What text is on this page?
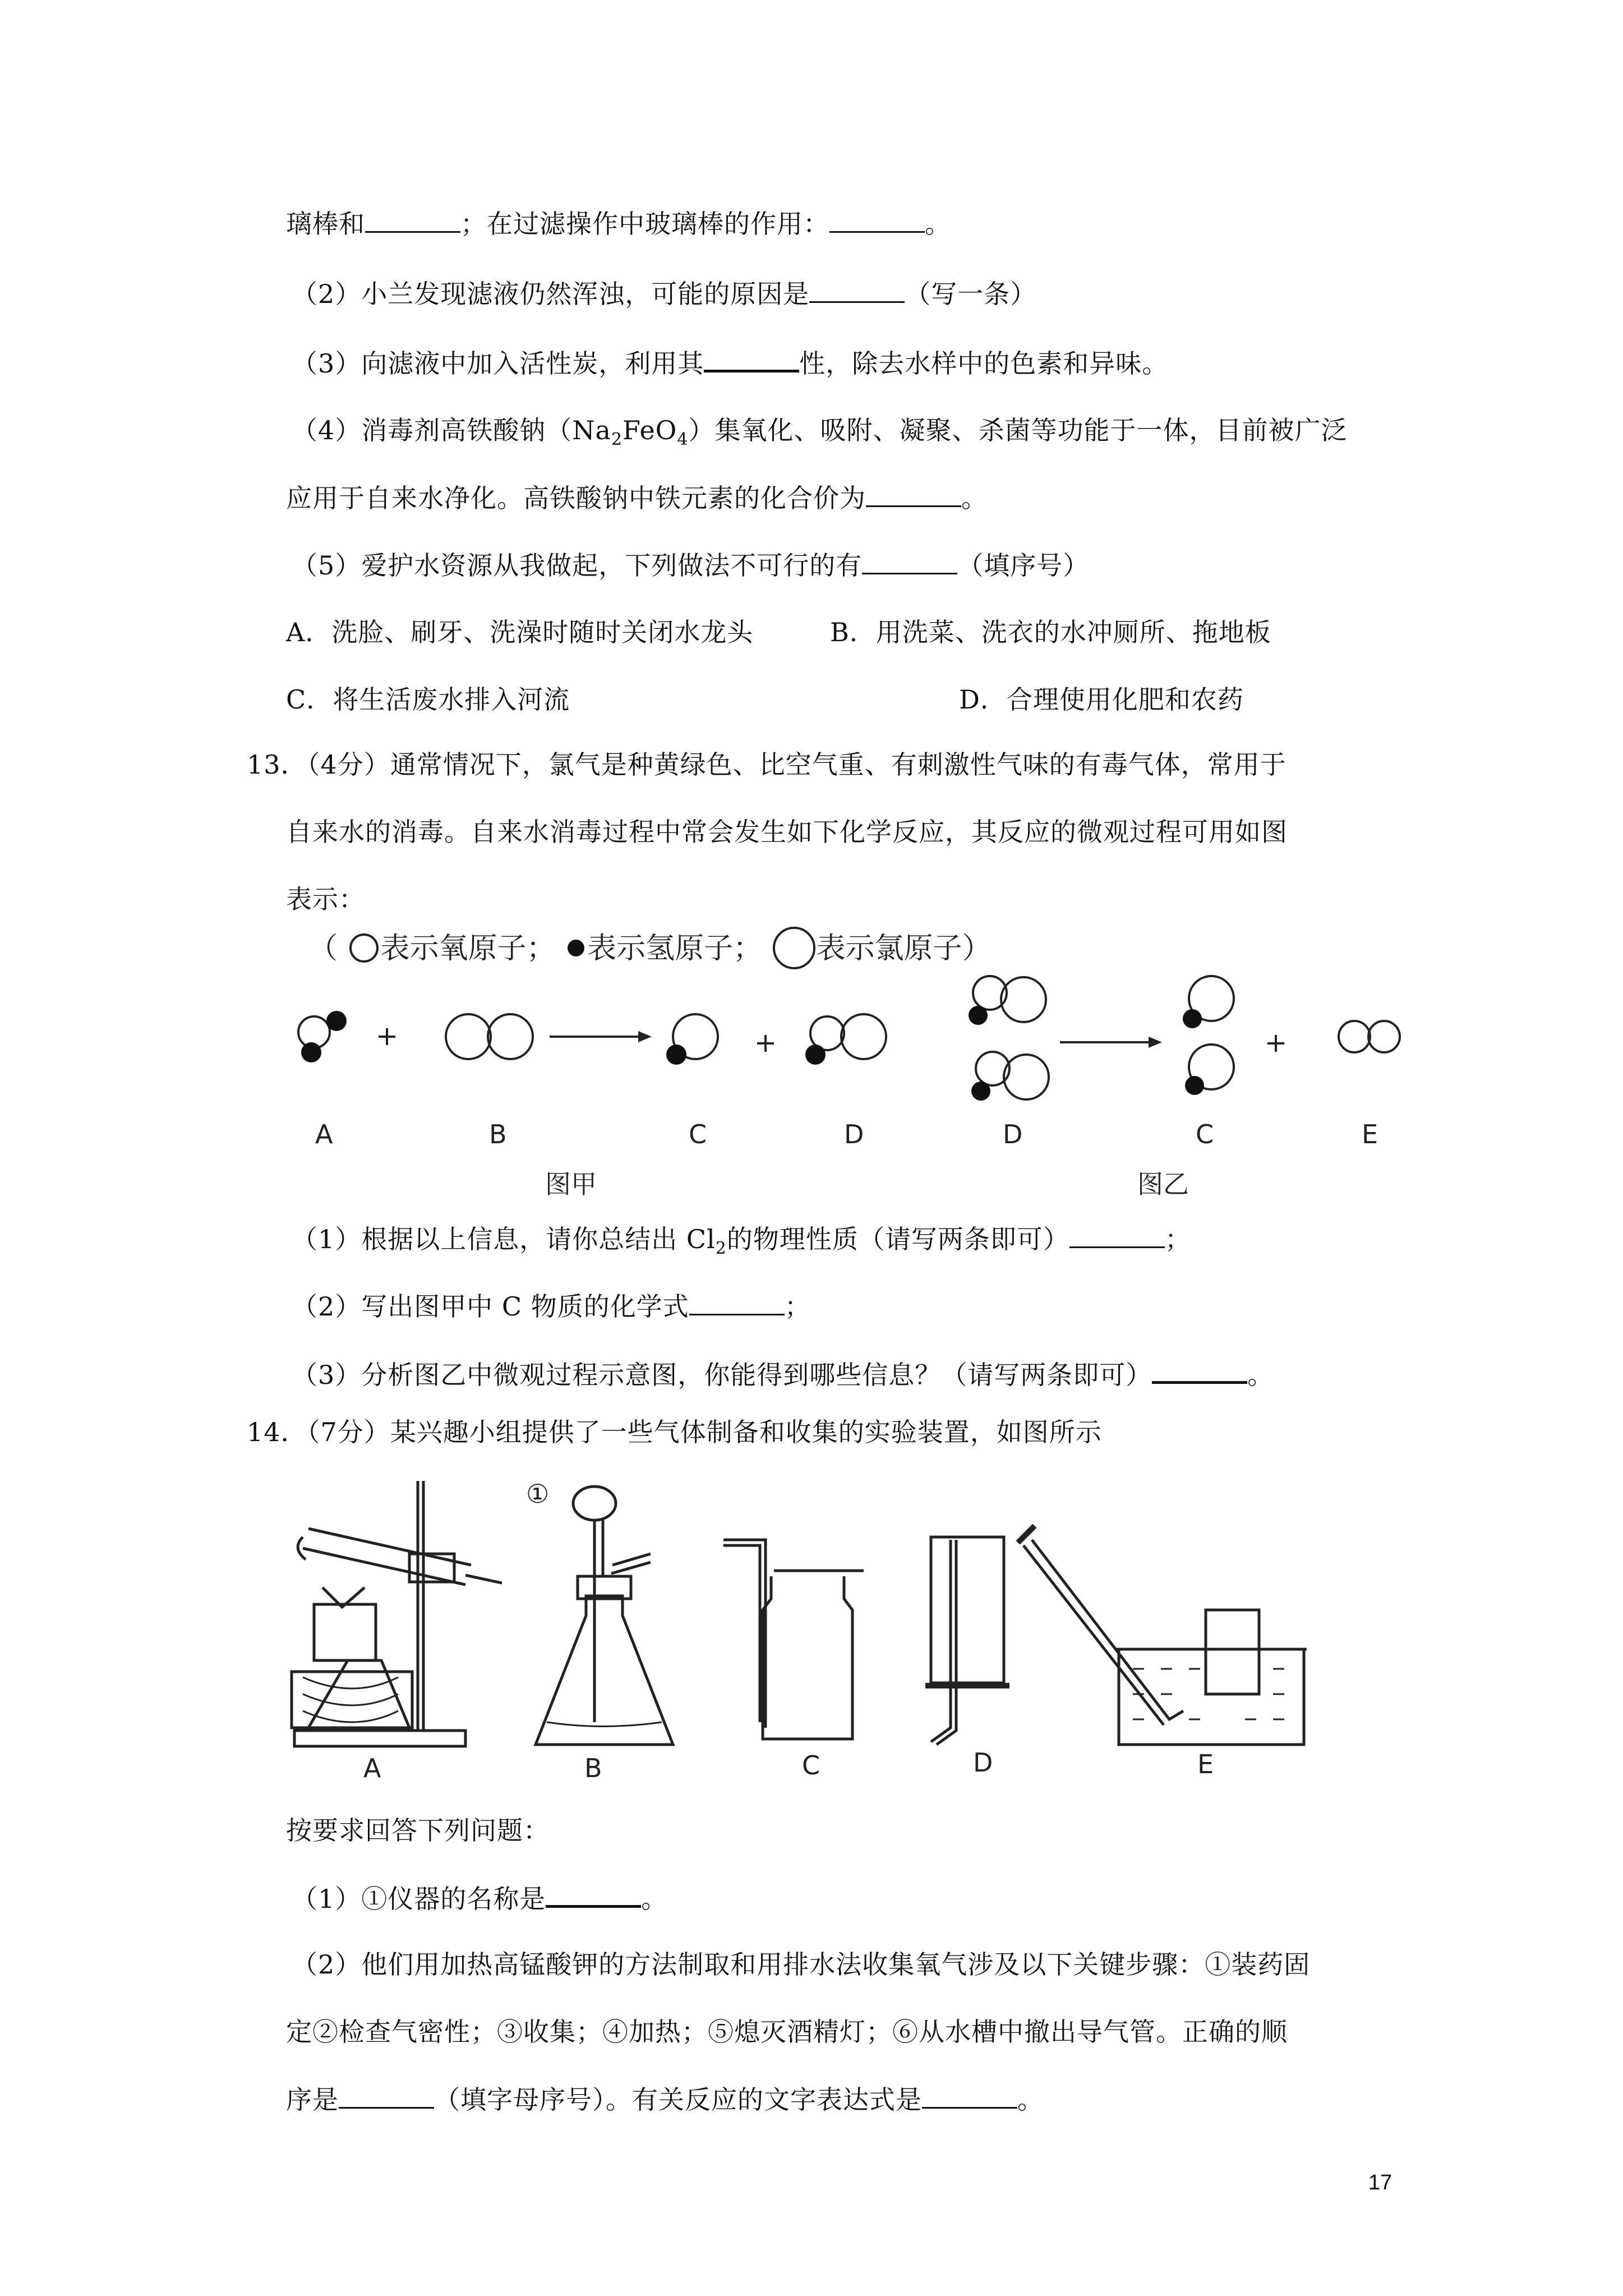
璃棒和	；在过滤操作中玻璃棒的作用：	。
（2）小兰发现滤液仍然浑浊，可能的原因是	（写一条）
（3）向滤液中加入活性炭，利用其	性，除去水样中的色素和异味。
（4）消毒剂高铁酸钠$(Na_2FeO_4)$集氧化、吸附、凝聚、杀菌等功能于一体，目前被广泛
应用于自来水净化。高铁酸钠中铁元素的化合价为	。
（5）爱护水资源从我做起，下列做法不可行的有	（填序号）
A．洗脸、刷牙、洗澡时随时关闭水龙头	B．用洗菜、洗衣的水冲厕所、拖地板
C．将生活废水排入河流	D．合理使用化肥和农药
13．（4分）通常情况下，氯气是种黄绿色、比空气重、有刺激性气味的有毒气体，常用于
自来水的消毒。自来水消毒过程中常会发生如下化学反应，其反应的微观过程可用如图
表示：
（ 表示氧原子； 表示氢原子； 表示氯原子）
A	B	C	D	D	C	E
图甲	图乙
（1）根据以上信息，请你总结出 $Cl_2$的物理性质（请写两条即可）	；
（2）写出图甲中 C 物质的化学式	；
（3）分析图乙中微观过程示意图，你能得到哪些信息？（请写两条即可）	。
14．（7分）某兴趣小组提供了一些气体制备和收集的实验装置，如图所示
①
A	B	C	D	E
按要求回答下列问题：
（1）①仪器的名称是	。
（2）他们用加热高锰酸钾的方法制取和用排水法收集氧气涉及以下关键步骤：①装药固
定②检查气密性；③收集；④加热；⑤熄灭酒精灯；⑥从水槽中撤出导气管。正确的顺
序是	（填字母序号）。有关反应的文字表达式是	。
17
